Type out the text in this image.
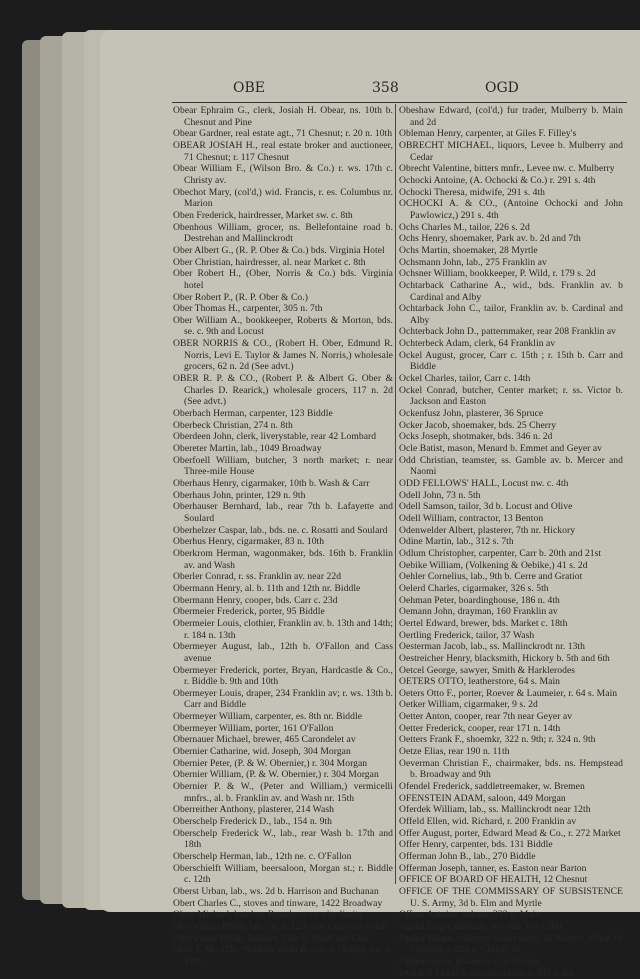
OBE	358	OGD
Obear Ephraim G., clerk, Josiah H. Obear, ns. 10th b. Chesnut and Pine
Obear Gardner, real estate agt., 71 Chesnut; r. 20 n. 10th
OBEAR JOSIAH H., real estate broker and auctioneer, 71 Chesnut; r. 117 Chesnut
Obear William F., (Wilson Bro. & Co.) r. ws. 17th c. Christy av.
Obechot Mary, (col'd,) wid. Francis, r. es. Columbus nr. Marion
Oben Frederick, hairdresser, Market sw. c. 8th
Obenhous William, grocer, ns. Bellefontaine road b. Destrehan and Mallinckrodt
Ober Albert G., (R. P. Ober & Co.) bds. Virginia Hotel
Ober Christian, hairdresser, al. near Market c. 8th
Ober Robert H., (Ober, Norris & Co.) bds. Virginia hotel
Ober Robert P., (R. P. Ober & Co.)
Ober Thomas H., carpenter, 305 n. 7th
Ober William A., bookkeeper, Roberts & Morton, bds. se. c. 9th and Locust
OBER NORRIS & CO., (Robert H. Ober, Edmund R. Norris, Levi E. Taylor & James N. Norris,) wholesale grocers, 62 n. 2d (See advt.)
OBER R. P. & CO., (Robert P. & Albert G. Ober & Charles D. Rearick,) wholesale grocers, 117 n. 2d (See advt.)
Oberbach Herman, carpenter, 123 Biddle
Oberbeck Christian, 274 n. 8th
Oberdeen John, clerk, liverystable, rear 42 Lombard
Obereter Martin, lab., 1049 Broadway
Oberfoell William, butcher, 3 north market; r. near Three-mile House
Oberhaus Henry, cigarmaker, 10th b. Wash & Carr
Oberhaus John, printer, 129 n. 9th
Oberhauser Bernhard, lab., rear 7th b. Lafayette and Soulard
Oberhelzer Caspar, lab., bds. ne. c. Rosatti and Soulard
Oberhus Henry, cigarmaker, 83 n. 10th
Oberkrom Herman, wagonmaker, bds. 16th b. Franklin av. and Wash
Oberler Conrad, r. ss. Franklin av. near 22d
Obermann Henry, al. b. 11th and 12th nr. Biddle
Obermann Henry, cooper, bds. Carr c. 23d
Obermeier Frederick, porter, 95 Biddle
Obermeier Louis, clothier, Franklin av. b. 13th and 14th; r. 184 n. 13th
Obermeyer August, lab., 12th b. O'Fallon and Cass avenue
Obermeyer Frederick, porter, Bryan, Hardcastle & Co., r. Biddle b. 9th and 10th
Obermeyer Louis, draper, 234 Franklin av; r. ws. 13th b. Carr and Biddle
Obermeyer William, carpenter, es. 8th nr. Biddle
Obermeyer William, porter, 161 O'Fallon
Obernauer Michael, brewer, 465 Carondelet av
Obernier Catharine, wid. Joseph, 304 Morgan
Obernier Peter, (P. & W. Obernier,) r. 304 Morgan
Obernier William, (P. & W. Obernier,) r. 304 Morgan
Obernier P. & W., (Peter and William,) vermicelli mnfrs., al. b. Franklin av. and Wash nr. 15th
Oberreither Anthony, plasterer, 214 Wash
Oberschelp Frederick D., lab., 154 n. 9th
Oberschelp Frederick W., lab., rear Wash b. 17th and 18th
Oberschelp Herman, lab., 12th ne. c. O'Fallon
Oberschielft William, beersaloon, Morgan st.; r. Biddle c. 12th
Oberst Urban, lab., ws. 2d b. Harrison and Buchanan
Obert Charles C., stoves and tinware, 1422 Broadway
Obert Michael, butcher, Broadway nr. city limits
Oberwinder Philip, lab., al. b. 12th and 13th near Wash
Oberwinter Philip, finisher, 12th b. Wash and Carr
Obes J. M., cl'k., William Dean & Co., r. Orange nw. c. 12th
Obeshaw Edward, (col'd,) fur trader, Mulberry b. Main and 2d
Obleman Henry, carpenter, at Giles F. Filley's
OBRECHT MICHAEL, liquors, Levee b. Mulberry and Cedar
Obrecht Valentine, bitters mnfr., Levee nw. c. Mulberry
Ochocki Antoine, (A. Ochocki & Co.) r. 291 s. 4th
Ochocki Theresa, midwife, 291 s. 4th
OCHOCKI A. & CO., (Antoine Ochocki and John Pawlowicz,) 291 s. 4th
Ochs Charles M., tailor, 226 s. 2d
Ochs Henry, shoemaker, Park av. b. 2d and 7th
Ochs Martin, shoemaker, 28 Myrtle
Ochsmann John, lab., 275 Franklin av
Ochsner William, bookkeeper, P. Wild, r. 179 s. 2d
Ochtarback Catharine A., wid., bds. Franklin av. b Cardinal and Alby
Ochtarback John C., tailor, Franklin av. b. Cardinal and Alby
Ochterback John D., patternmaker, rear 208 Franklin av
Ochterbeck Adam, clerk, 64 Franklin av
Ockel August, grocer, Carr c. 15th ; r. 15th b. Carr and Biddle
Ockel Charles, tailor, Carr c. 14th
Ockel Conrad, butcher, Center market; r. ss. Victor b. Jackson and Easton
Ockenfusz John, plasterer, 36 Spruce
Ocker Jacob, shoemaker, bds. 25 Cherry
Ocks Joseph, shotmaker, bds. 346 n. 2d
Ocle Batist, mason, Menard b. Emmet and Geyer av
Odd Christian, teamster, ss. Gamble av. b. Mercer and Naomi
ODD FELLOWS' HALL, Locust nw. c. 4th
Odell John, 73 n. 5th
Odell Samson, tailor, 3d b. Locust and Olive
Odell William, contractor, 13 Benton
Odenwelder Albert, plasterer, 7th nr. Hickory
Odine Martin, lab., 312 s. 7th
Odlum Christopher, carpenter, Carr b. 20th and 21st
Oebike William, (Volkening & Oebike,) 41 s. 2d
Oehler Cornelius, lab., 9th b. Cerre and Gratiot
Oelerd Charles, cigarmaker, 326 s. 5th
Oehman Peter, boardinghouse, 186 n. 4th
Oemann John, drayman, 160 Franklin av
Oertel Edward, brewer, bds. Market c. 18th
Oertling Frederick, tailor, 37 Wash
Oesterman Jacob, lab., ss. Mallinckrodt nr. 13th
Oestreicher Henry, blacksmith, Hickory b. 5th and 6th
Oetcel George, sawyer, Smith & Harklerodes
OETERS OTTO, leatherstore, 64 s. Main
Oeters Otto F., porter, Roever & Laumeier, r. 64 s. Main
Oetker William, cigarmaker, 9 s. 2d
Oetter Anton, cooper, rear 7th near Geyer av
Oetter Frederick, cooper, rear 171 n. 14th
Oetters Frank F., shoemkr, 322 n. 9th; r. 324 n. 9th
Oetze Elias, rear 190 n. 11th
Oeverman Christian F., chairmaker, bds. ns. Hempstead b. Broadway and 9th
Ofendel Frederick, saddletreemaker, w. Bremen
OFENSTEIN ADAM, saloon, 449 Morgan
Oferdek William, lab., ss. Mallinckrodt near 12th
Offeld Ellen, wid. Richard, r. 200 Franklin av
Offer August, porter, Edward Mead & Co., r. 272 Market
Offer Henry, carpenter, bds. 131 Biddle
Offerman John B., lab., 270 Biddle
Offerman Joseph, tanner, es. Easton near Barton
OFFICE OF BOARD OF HEALTH, 12 Chesnut
OFFICE OF THE COMMISSARY OF SUBSISTENCE U. S. Army, 3d b. Elm and Myrtle
Offner Antoine, saloon, 333 n. Main
Ogden Elspit, milliner, 301 and 303 s. 4th
Ogden Hiram, collector water rents, 2d district, office 16 Chesnut; r. 22d c. Christy av
Ogden James, plasterer, r. 57 Center
OGDEN JAMES, stovemoulder, r. 303 s. 4th
